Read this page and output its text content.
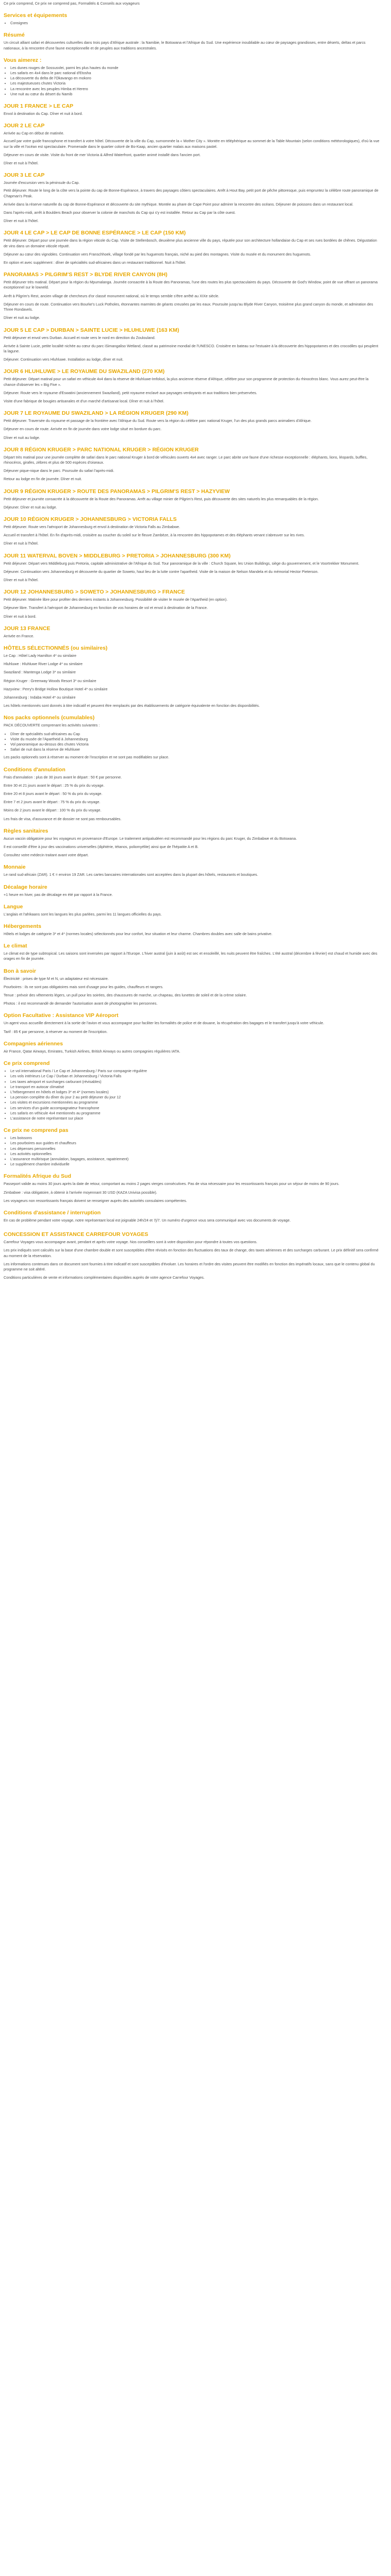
Ce prix comprend, Ce prix ne comprend pas, Formalités & Conseils aux voyageurs

Services et équipements
• Consignes
Résumé

Un circuit alliant safari et découvertes culturelles dans trois pays d'Afrique australe : la Namibie, le Botswana et l'Afrique du Sud. Une expérience inoubliable au cœur de paysages grandioses, entre déserts, deltas et parcs nationaux, à la rencontre d'une faune exceptionnelle et de peuples aux traditions ancestrales.

Vous aimerez :
• Les dunes rouges de Sossusvlei, parmi les plus hautes du monde
• Les safaris en 4x4 dans le parc national d'Etosha
• La découverte du delta de l'Okavango en mokoro
• Les majestueuses chutes Victoria
• La rencontre avec les peuples Himba et Herero
• Une nuit au cœur du désert du Namib
JOUR 1 FRANCE > LE CAP

Envol à destination du Cap. Dîner et nuit à bord.

JOUR 2 LE CAP

Arrivée au Cap en début de matinée.

Accueil par votre guide francophone et transfert à votre hôtel. Découverte de la ville du Cap, surnommée la « Mother City ». Montée en téléphérique au sommet de la Table Mountain (selon conditions météorologiques), d'où la vue sur la ville et l'océan est spectaculaire. Promenade dans le quartier coloré de Bo-Kaap, ancien quartier malais aux maisons pastel.

Déjeuner en cours de visite. Visite du front de mer Victoria & Alfred Waterfront, quartier animé installé dans l'ancien port.

Dîner et nuit à l'hôtel.

JOUR 3 LE CAP

Journée d'excursion vers la péninsule du Cap.

Petit déjeuner. Route le long de la côte vers la pointe du cap de Bonne-Espérance, à travers des paysages côtiers spectaculaires. Arrêt à Hout Bay, petit port de pêche pittoresque, puis empruntez la célèbre route panoramique de Chapman's Peak.

Arrivée dans la réserve naturelle du cap de Bonne-Espérance et découverte du site mythique. Montée au phare de Cape Point pour admirer la rencontre des océans. Déjeuner de poissons dans un restaurant local.

Dans l'après-midi, arrêt à Boulders Beach pour observer la colonie de manchots du Cap qui s'y est installée. Retour au Cap par la côte ouest.

Dîner et nuit à l'hôtel.

JOUR 4 LE CAP > LE CAP DE BONNE ESPÉRANCE > LE CAP (150 KM)

Petit déjeuner. Départ pour une journée dans la région viticole du Cap. Visite de Stellenbosch, deuxième plus ancienne ville du pays, réputée pour son architecture hollandaise du Cap et ses rues bordées de chênes. Dégustation de vins dans un domaine viticole réputé.

Déjeuner au cœur des vignobles. Continuation vers Franschhoek, village fondé par les huguenots français, niché au pied des montagnes. Visite du musée et du monument des huguenots.

En option et avec supplément : dîner de spécialités sud-africaines dans un restaurant traditionnel. Nuit à l'hôtel.

PANORAMAS > PILGRIM'S REST > BLYDE RIVER CANYON (8H)

Petit déjeuner très matinal. Départ pour la région du Mpumalanga. Journée consacrée à la Route des Panoramas, l'une des routes les plus spectaculaires du pays. Découverte de God's Window, point de vue offrant un panorama exceptionnel sur le lowveld.

Arrêt à Pilgrim's Rest, ancien village de chercheurs d'or classé monument national, où le temps semble s'être arrêté au XIXe siècle.

Déjeuner en cours de route. Continuation vers Bourke's Luck Potholes, étonnantes marmites de géants creusées par les eaux. Poursuite jusqu'au Blyde River Canyon, troisième plus grand canyon du monde, et admiration des Three Rondavels.

Dîner et nuit au lodge.

JOUR 5 LE CAP > DURBAN > SAINTE LUCIE > HLUHLUWE (163 KM)

Petit déjeuner et envol vers Durban. Accueil et route vers le nord en direction du Zoulouland.

Arrivée à Sainte Lucie, petite localité nichée au cœur du parc iSimangaliso Wetland, classé au patrimoine mondial de l'UNESCO. Croisière en bateau sur l'estuaire à la découverte des hippopotames et des crocodiles qui peuplent la lagune.

Déjeuner. Continuation vers Hluhluwe. Installation au lodge, dîner et nuit.

JOUR 6 HLUHLUWE > LE ROYAUME DU SWAZILAND (270 KM)

Petit déjeuner. Départ matinal pour un safari en véhicule 4x4 dans la réserve de Hluhluwe-Imfolozi, la plus ancienne réserve d'Afrique, célèbre pour son programme de protection du rhinocéros blanc. Vous aurez peut-être la chance d'observer les « Big Five ».

Déjeuner. Route vers le royaume d'Eswatini (anciennement Swaziland), petit royaume enclavé aux paysages verdoyants et aux traditions bien préservées.

Visite d'une fabrique de bougies artisanales et d'un marché d'artisanat local. Dîner et nuit à l'hôtel.

JOUR 7 LE ROYAUME DU SWAZILAND > LA RÉGION KRUGER (290 KM)

Petit déjeuner. Traversée du royaume et passage de la frontière avec l'Afrique du Sud. Route vers la région du célèbre parc national Kruger, l'un des plus grands parcs animaliers d'Afrique.

Déjeuner en cours de route. Arrivée en fin de journée dans votre lodge situé en bordure du parc.

Dîner et nuit au lodge.

JOUR 8 RÉGION KRUGER > PARC NATIONAL KRUGER > RÉGION KRUGER

Départ très matinal pour une journée complète de safari dans le parc national Kruger à bord de véhicules ouverts 4x4 avec ranger. Le parc abrite une faune d'une richesse exceptionnelle : éléphants, lions, léopards, buffles, rhinocéros, girafes, zèbres et plus de 500 espèces d'oiseaux.

Déjeuner pique-nique dans le parc. Poursuite du safari l'après-midi.

Retour au lodge en fin de journée. Dîner et nuit.

JOUR 9 RÉGION KRUGER > ROUTE DES PANORAMAS > PILGRIM'S REST > HAZYVIEW

Petit déjeuner et journée consacrée à la découverte de la Route des Panoramas. Arrêt au village minier de Pilgrim's Rest, puis découverte des sites naturels les plus remarquables de la région.

Déjeuner. Dîner et nuit au lodge.

JOUR 10 RÉGION KRUGER > JOHANNESBURG > VICTORIA FALLS

Petit déjeuner. Route vers l'aéroport de Johannesburg et envol à destination de Victoria Falls au Zimbabwe.

Accueil et transfert à l'hôtel. En fin d'après-midi, croisière au coucher du soleil sur le fleuve Zambèze, à la rencontre des hippopotames et des éléphants venant s'abreuver sur les rives.

Dîner et nuit à l'hôtel.

JOUR 11 WATERVAL BOVEN > MIDDLEBURG > PRETORIA > JOHANNESBURG (300 KM)

Petit déjeuner. Départ vers Middleburg puis Pretoria, capitale administrative de l'Afrique du Sud. Tour panoramique de la ville : Church Square, les Union Buildings, siège du gouvernement, et le Voortrekker Monument.

Déjeuner. Continuation vers Johannesburg et découverte du quartier de Soweto, haut lieu de la lutte contre l'apartheid. Visite de la maison de Nelson Mandela et du mémorial Hector Pieterson.

Dîner et nuit à l'hôtel.

JOUR 12 JOHANNESBURG > SOWETO > JOHANNESBURG > FRANCE

Petit déjeuner. Matinée libre pour profiter des derniers instants à Johannesburg. Possibilité de visiter le musée de l'Apartheid (en option).

Déjeuner libre. Transfert à l'aéroport de Johannesburg en fonction de vos horaires de vol et envol à destination de la France.

Dîner et nuit à bord.

JOUR 13 FRANCE

Arrivée en France.

HÔTELS SÉLECTIONNÉS (ou similaires)

Le Cap : Hôtel Lady Hamilton 4* ou similaire

Hluhluwe : Hluhluwe River Lodge 4* ou similaire

Swaziland : Mantenga Lodge 3* ou similaire

Région Kruger : Greenway Woods Resort 3* ou similaire

Hazyview : Perry's Bridge Hollow Boutique Hotel 4* ou similaire

Johannesburg : Indaba Hotel 4* ou similaire

Les hôtels mentionnés sont donnés à titre indicatif et peuvent être remplacés par des établissements de catégorie équivalente en fonction des disponibilités.

Nos packs optionnels (cumulables)

PACK DÉCOUVERTE comprenant les activités suivantes :

• Dîner de spécialités sud-africaines au Cap
• Visite du musée de l'Apartheid à Johannesburg
• Vol panoramique au-dessus des chutes Victoria
• Safari de nuit dans la réserve de Hluhluwe

Les packs optionnels sont à réserver au moment de l'inscription et ne sont pas modifiables sur place.

Conditions d'annulation

Frais d'annulation : plus de 30 jours avant le départ : 50 € par personne.

Entre 30 et 21 jours avant le départ : 25 % du prix du voyage.

Entre 20 et 8 jours avant le départ : 50 % du prix du voyage.

Entre 7 et 2 jours avant le départ : 75 % du prix du voyage.

Moins de 2 jours avant le départ : 100 % du prix du voyage.

Les frais de visa, d'assurance et de dossier ne sont pas remboursables.

Règles sanitaires

Aucun vaccin obligatoire pour les voyageurs en provenance d'Europe. Le traitement antipaludéen est recommandé pour les régions du parc Kruger, du Zimbabwe et du Botswana.

Il est conseillé d'être à jour des vaccinations universelles (diphtérie, tétanos, poliomyélite) ainsi que de l'hépatite A et B.

Consultez votre médecin traitant avant votre départ.

Monnaie

Le rand sud-africain (ZAR). 1 € = environ 19 ZAR. Les cartes bancaires internationales sont acceptées dans la plupart des hôtels, restaurants et boutiques.

Décalage horaire

+1 heure en hiver, pas de décalage en été par rapport à la France.

Langue

L'anglais et l'afrikaans sont les langues les plus parlées, parmi les 11 langues officielles du pays.

Hébergements

Hôtels et lodges de catégorie 3* et 4* (normes locales) sélectionnés pour leur confort, leur situation et leur charme. Chambres doubles avec salle de bains privative.

Le climat

Le climat est de type subtropical. Les saisons sont inversées par rapport à l'Europe. L'hiver austral (juin à août) est sec et ensoleillé, les nuits peuvent être fraîches. L'été austral (décembre à février) est chaud et humide avec des orages en fin de journée.

Bon à savoir

Électricité : prises de type M et N, un adaptateur est nécessaire.

Pourboires : ils ne sont pas obligatoires mais sont d'usage pour les guides, chauffeurs et rangers.

Tenue : prévoir des vêtements légers, un pull pour les soirées, des chaussures de marche, un chapeau, des lunettes de soleil et de la crème solaire.

Photos : il est recommandé de demander l'autorisation avant de photographier les personnes.

Option Facultative : Assistance VIP Aéroport

Un agent vous accueille directement à la sortie de l'avion et vous accompagne pour faciliter les formalités de police et de douane, la récupération des bagages et le transfert jusqu'à votre véhicule.

Tarif : 85 € par personne, à réserver au moment de l'inscription.

Compagnies aériennes

Air France, Qatar Airways, Emirates, Turkish Airlines, British Airways ou autres compagnies régulières IATA.

Ce prix comprend
• Le vol international Paris / Le Cap et Johannesburg / Paris sur compagnie régulière
• Les vols intérieurs Le Cap / Durban et Johannesburg / Victoria Falls
• Les taxes aéroport et surcharges carburant (révisables)
• Le transport en autocar climatisé
• L'hébergement en hôtels et lodges 3* et 4* (normes locales)
• La pension complète du dîner du jour 2 au petit déjeuner du jour 12
• Les visites et excursions mentionnées au programme
• Les services d'un guide accompagnateur francophone
• Les safaris en véhicule 4x4 mentionnés au programme
• L'assistance de notre représentant sur place
Ce prix ne comprend pas
• Les boissons
• Les pourboires aux guides et chauffeurs
• Les dépenses personnelles
• Les activités optionnelles
• L'assurance multirisque (annulation, bagages, assistance, rapatriement)
• Le supplément chambre individuelle
Formalités Afrique du Sud

Passeport valide au moins 30 jours après la date de retour, comportant au moins 2 pages vierges consécutives. Pas de visa nécessaire pour les ressortissants français pour un séjour de moins de 90 jours.

Zimbabwe : visa obligatoire, à obtenir à l'arrivée moyennant 30 USD (KAZA Univisa possible).

Les voyageurs non ressortissants français doivent se renseigner auprès des autorités consulaires compétentes.

Conditions d'assistance / interruption

En cas de problème pendant votre voyage, notre représentant local est joignable 24h/24 et 7j/7. Un numéro d'urgence vous sera communiqué avec vos documents de voyage.

CONCESSION ET ASSISTANCE CARREFOUR VOYAGES

Carrefour Voyages vous accompagne avant, pendant et après votre voyage. Nos conseillers sont à votre disposition pour répondre à toutes vos questions.

Les prix indiqués sont calculés sur la base d'une chambre double et sont susceptibles d'être révisés en fonction des fluctuations des taux de change, des taxes aériennes et des surcharges carburant. Le prix définitif sera confirmé au moment de la réservation.

Les informations contenues dans ce document sont fournies à titre indicatif et sont susceptibles d'évoluer. Les horaires et l'ordre des visites peuvent être modifiés en fonction des impératifs locaux, sans que le contenu global du programme ne soit altéré.

Conditions particulières de vente et informations complémentaires disponibles auprès de votre agence Carrefour Voyages.
